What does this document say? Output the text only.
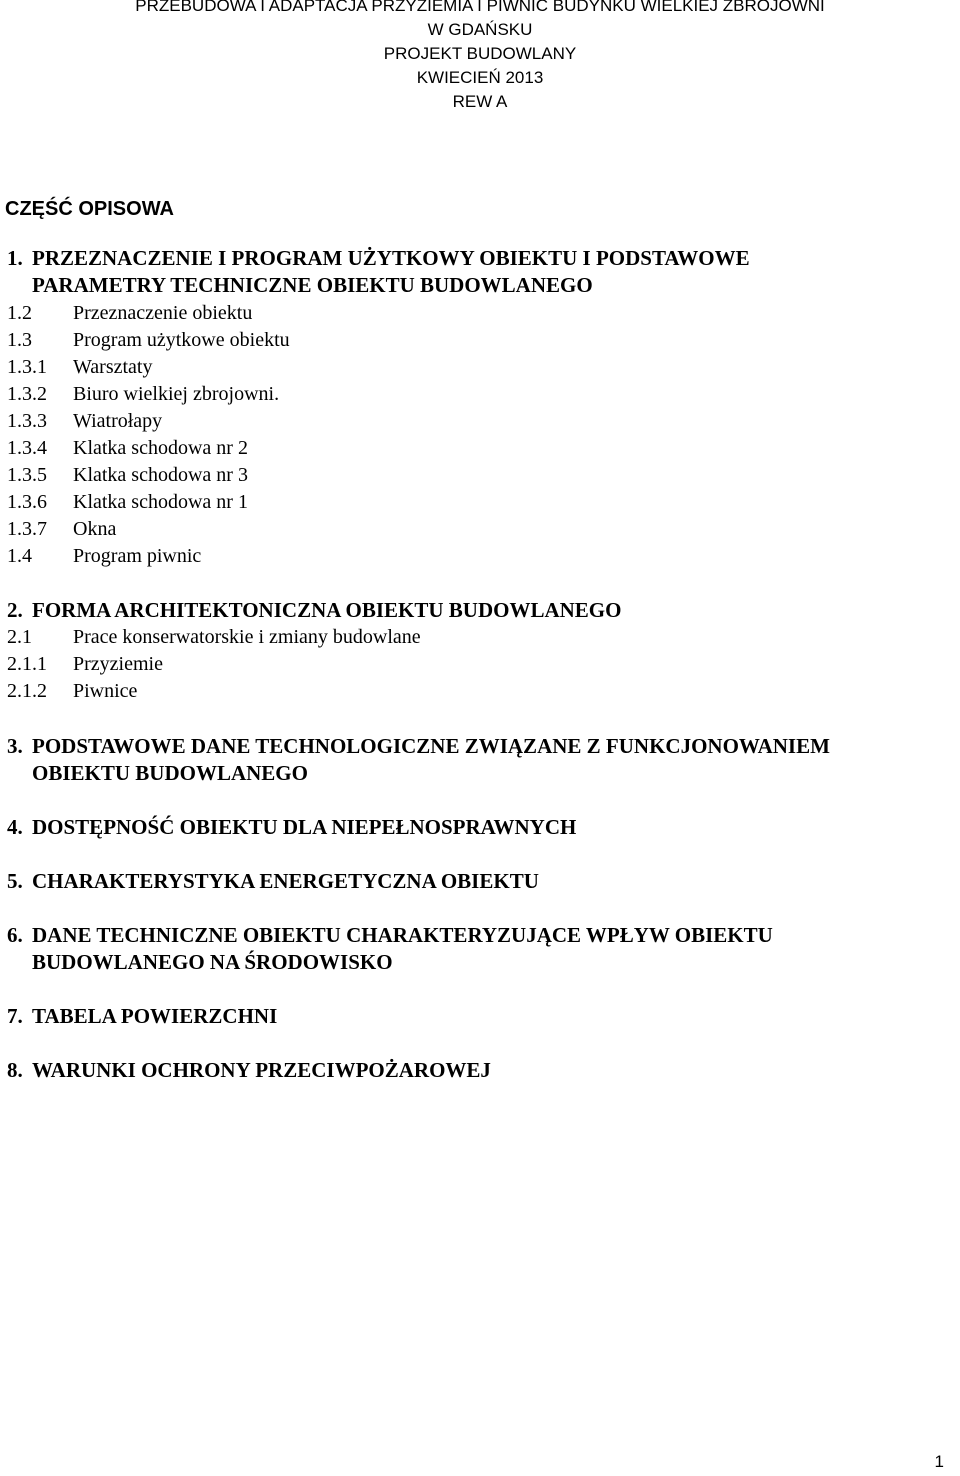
PRZEBUDOWA I ADAPTACJA PRZYZIEMIA I PIWNIC BUDYNKU WIELKIEJ ZBROJOWNI
W GDAŃSKU
PROJEKT BUDOWLANY
KWIECIEŃ 2013
REW A
CZĘŚĆ OPISOWA
1. PRZEZNACZENIE I PROGRAM UŻYTKOWY OBIEKTU I PODSTAWOWE
PARAMETRY TECHNICZNE OBIEKTU BUDOWLANEGO
1.2 Przeznaczenie obiektu
1.3 Program użytkowe obiektu
1.3.1 Warsztaty
1.3.2 Biuro wielkiej zbrojowni.
1.3.3 Wiatrołapy
1.3.4 Klatka schodowa nr 2
1.3.5 Klatka schodowa nr 3
1.3.6 Klatka schodowa nr 1
1.3.7 Okna
1.4 Program piwnic
2. FORMA ARCHITEKTONICZNA OBIEKTU BUDOWLANEGO
2.1 Prace konserwatorskie i zmiany budowlane
2.1.1 Przyziemie
2.1.2 Piwnice
3. PODSTAWOWE DANE TECHNOLOGICZNE ZWIĄZANE Z FUNKCJONOWANIEM
OBIEKTU BUDOWLANEGO
4. DOSTĘPNOŚĆ OBIEKTU DLA NIEPEŁNOSPRAWNYCH
5. CHARAKTERYSTYKA ENERGETYCZNA OBIEKTU
6. DANE TECHNICZNE OBIEKTU CHARAKTERYZUJĄCE WPŁYW OBIEKTU
BUDOWLANEGO NA ŚRODOWISKO
7. TABELA POWIERZCHNI
8. WARUNKI OCHRONY PRZECIWPOŻAROWEJ
1
